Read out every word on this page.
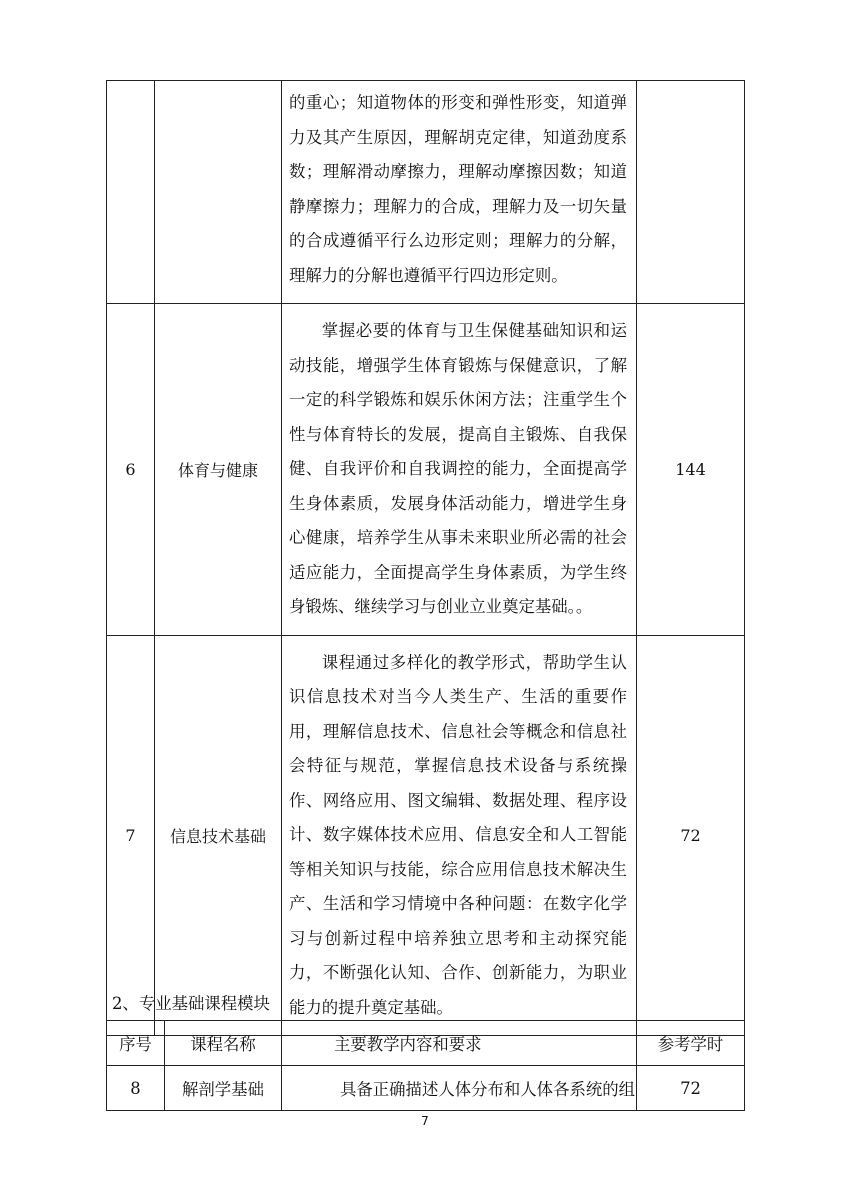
		的重心；知道物体的形变和弹性形变，知道弹力及其产生原因，理解胡克定律，知道劲度系数；理解滑动摩擦力，理解动摩擦因数；知道静摩擦力；理解力的合成，理解力及一切矢量的合成遵循平行么边形定则；理解力的分解，理解力的分解也遵循平行四边形定则。	
6	体育与健康	掌握必要的体育与卫生保健基础知识和运动技能，增强学生体育锻炼与保健意识，了解一定的科学锻炼和娱乐休闲方法；注重学生个性与体育特长的发展，提高自主锻炼、自我保健、自我评价和自我调控的能力，全面提高学生身体素质，发展身体活动能力，增进学生身心健康，培养学生从事未来职业所必需的社会适应能力，全面提高学生身体素质，为学生终身锻炼、继续学习与创业立业奠定基础。。	144
7	信息技术基础	课程通过多样化的教学形式，帮助学生认识信息技术对当今人类生产、生活的重要作用，理解信息技术、信息社会等概念和信息社会特征与规范，掌握信息技术设备与系统操作、网络应用、图文编辑、数据处理、程序设计、数字媒体技术应用、信息安全和人工智能等相关知识与技能，综合应用信息技术解决生产、生活和学习情境中各种问题：在数字化学习与创新过程中培养独立思考和主动探究能力，不断强化认知、合作、创新能力，为职业能力的提升奠定基础。	72
2、专业基础课程模块
序号	课程名称	主要教学内容和要求	参考学时
8	解剖学基础	具备正确描述人体分布和人体各系统的组	72
7
